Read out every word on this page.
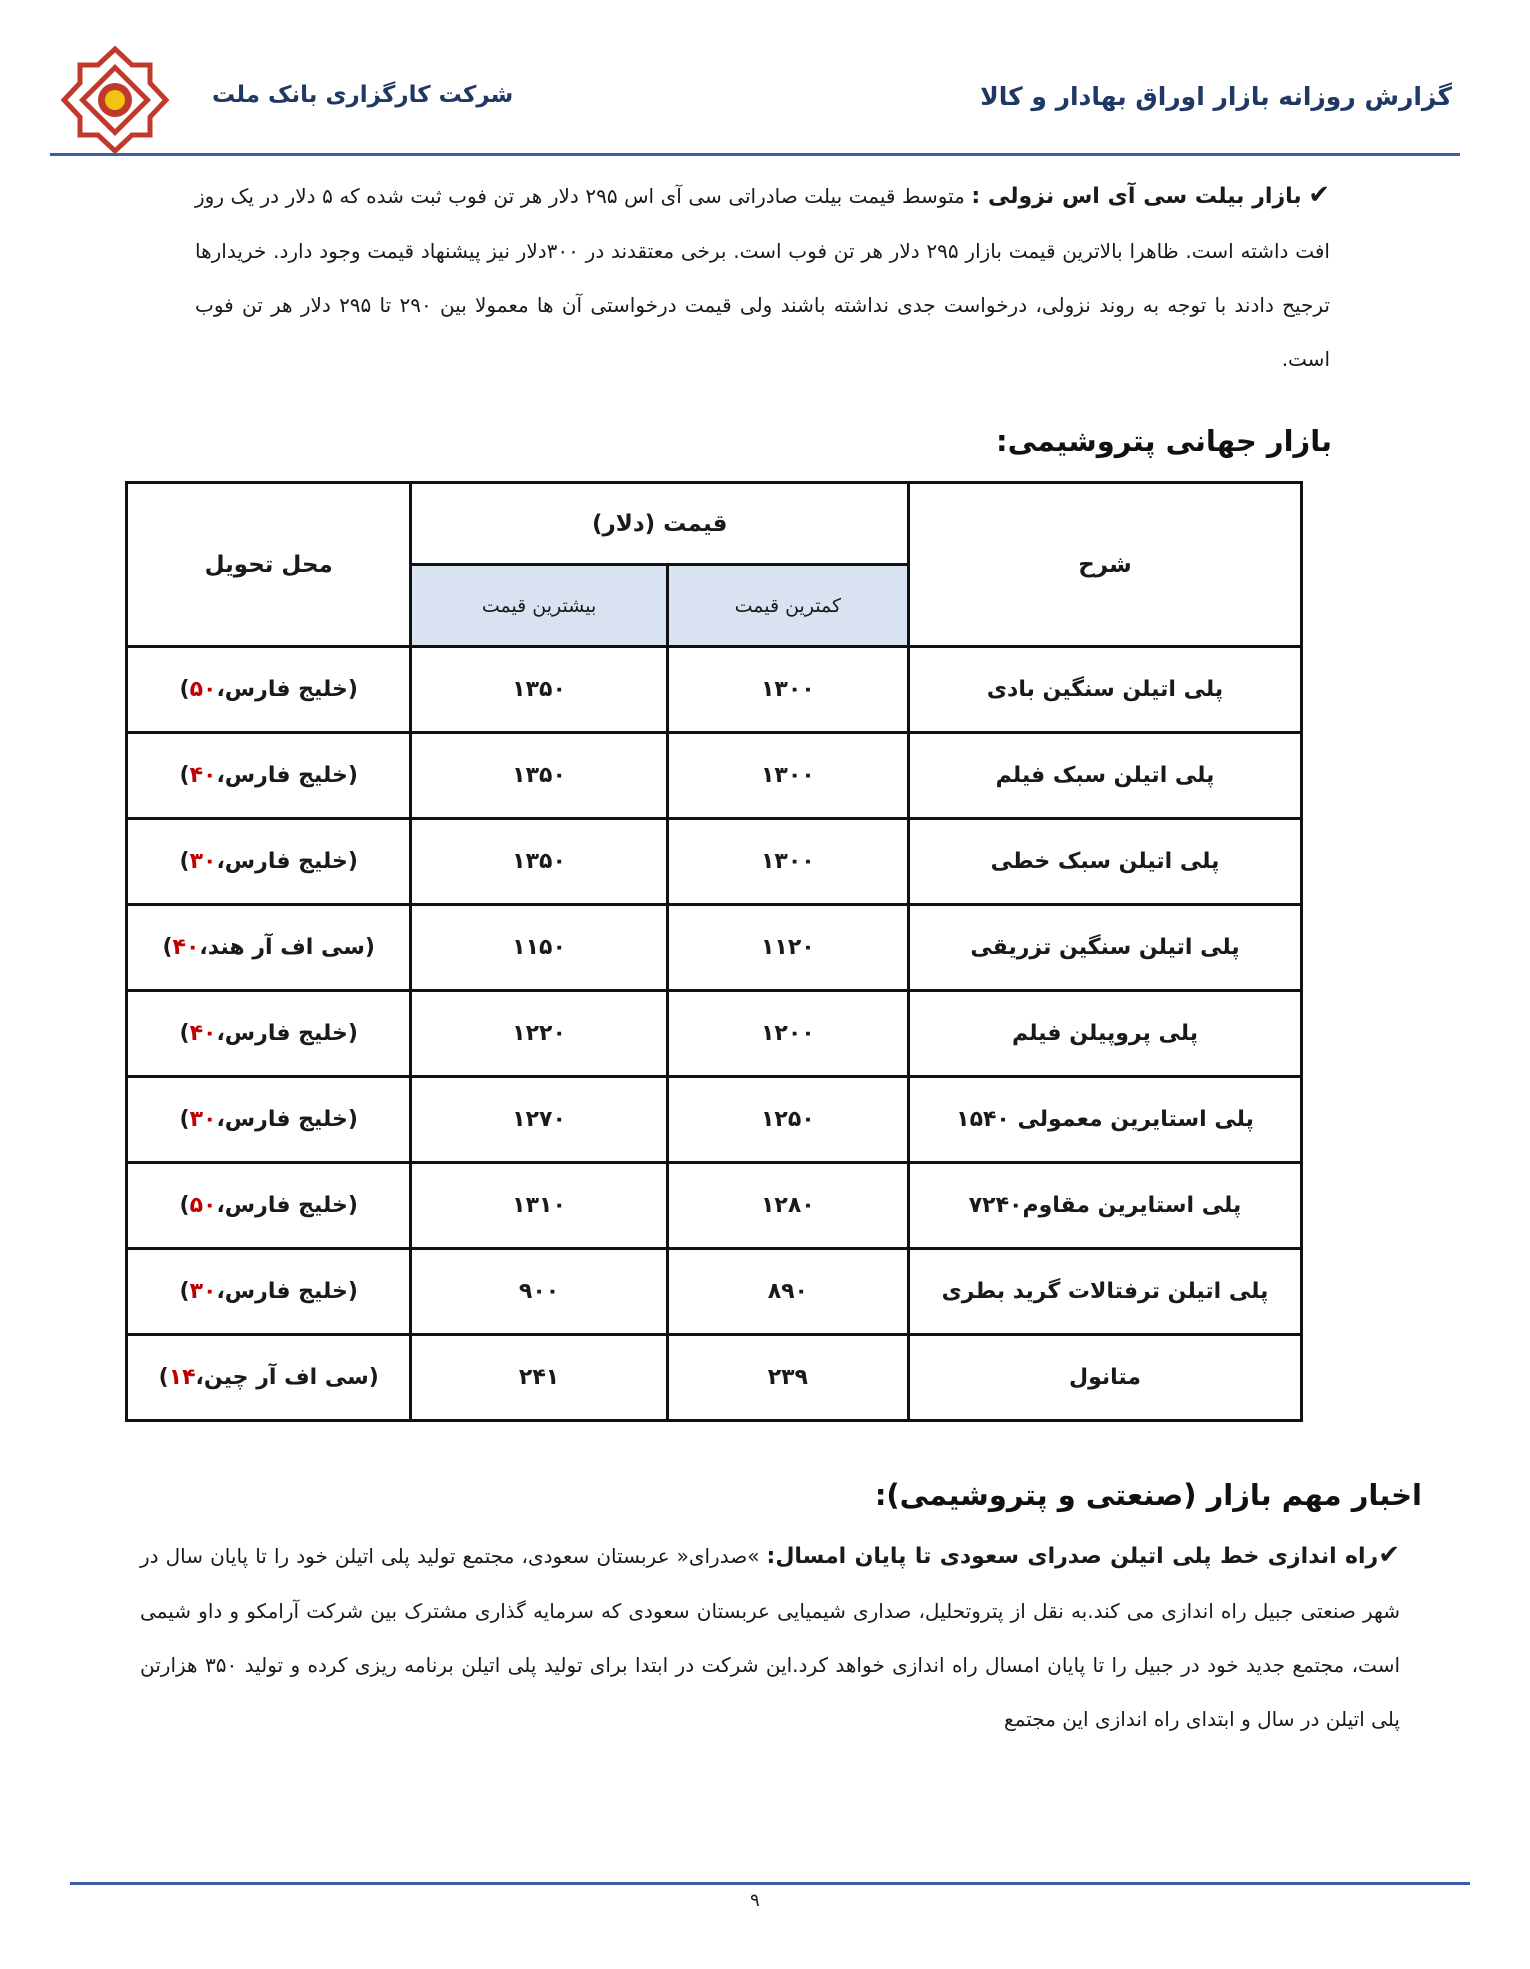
شرکت کارگزاری بانک ملت	گزارش روزانه بازار اوراق بهادار و کالا
✔ بازار بیلت سی آی اس نزولی : متوسط قیمت بیلت صادراتی سی آی اس ۲۹۵ دلار هر تن فوب ثبت شده که ۵ دلار در یک روز افت داشته است. ظاهرا بالاترین قیمت بازار ۲۹۵ دلار هر تن فوب است. برخی معتقدند در ۳۰۰دلار نیز پیشنهاد قیمت وجود دارد. خریدارها ترجیح دادند با توجه به روند نزولی، درخواست جدی نداشته باشند ولی قیمت درخواستی آن ها معمولا بین ۲۹۰ تا ۲۹۵ دلار هر تن فوب است.
بازار جهانی پتروشیمی:
شرح	قیمت (دلار)		محل تحویل
	کمترین قیمت	بیشترین قیمت	
پلی اتیلن سنگین بادی	۱۳۰۰	۱۳۵۰	(خلیج فارس،۵۰)
پلی اتیلن سبک فیلم	۱۳۰۰	۱۳۵۰	(خلیج فارس،۴۰)
پلی اتیلن سبک خطی	۱۳۰۰	۱۳۵۰	(خلیج فارس،۳۰)
پلی اتیلن سنگین تزریقی	۱۱۲۰	۱۱۵۰	(سی اف آر هند،۴۰)
پلی پروپیلن فیلم	۱۲۰۰	۱۲۲۰	(خلیج فارس،۴۰)
پلی استایرین معمولی ۱۵۴۰	۱۲۵۰	۱۲۷۰	(خلیج فارس،۳۰)
پلی استایرین مقاوم۷۲۴۰	۱۲۸۰	۱۳۱۰	(خلیج فارس،۵۰)
پلی اتیلن ترفتالات گرید بطری	۸۹۰	۹۰۰	(خلیج فارس،۳۰)
متانول	۲۳۹	۲۴۱	(سی اف آر چین،۱۴)
اخبار مهم بازار (صنعتی و پتروشیمی):
✔راه اندازی خط پلی اتیلن صدرای سعودی تا پایان امسال: »صدرای« عربستان سعودی، مجتمع تولید پلی اتیلن خود را تا پایان سال در شهر صنعتی جبیل راه اندازی می کند.به نقل از پتروتحلیل، صداری شیمیایی عربستان سعودی که سرمایه گذاری مشترک بین شرکت آرامکو و داو شیمی است، مجتمع جدید خود در جبیل را تا پایان امسال راه اندازی خواهد کرد.این شرکت در ابتدا برای تولید پلی اتیلن برنامه ریزی کرده و تولید ۳۵۰ هزارتن پلی اتیلن در سال و ابتدای راه اندازی این مجتمع
۹
